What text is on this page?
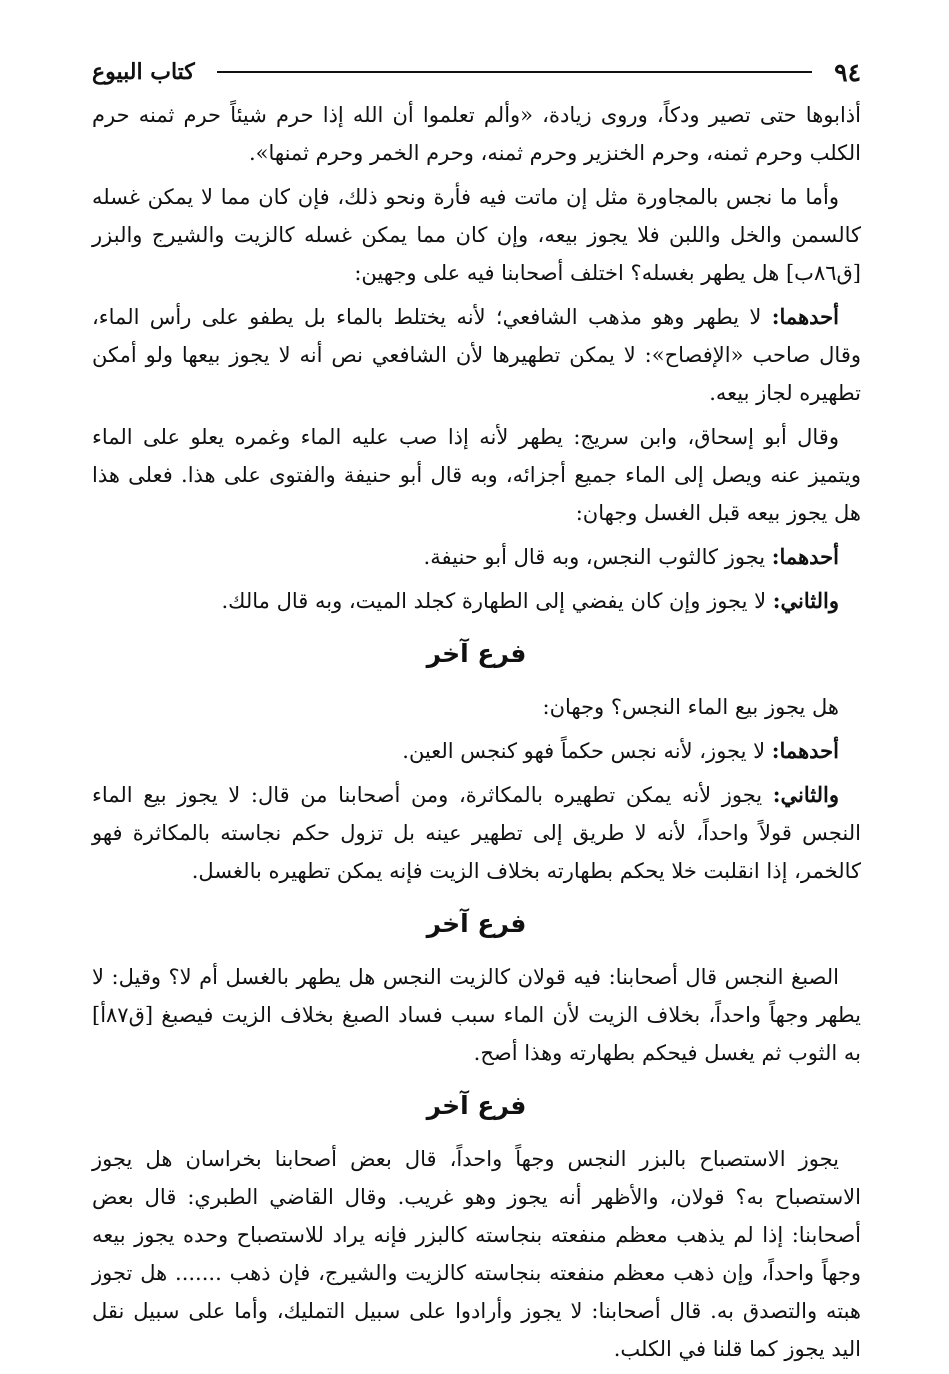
٩٤
كتاب البيوع

أذابوها حتى تصير ودكاً، وروى زيادة، «وألم تعلموا أن الله إذا حرم شيئاً حرم ثمنه حرم الكلب وحرم ثمنه، وحرم الخنزير وحرم ثمنه، وحرم الخمر وحرم ثمنها».

وأما ما نجس بالمجاورة مثل إن ماتت فيه فأرة ونحو ذلك، فإن كان مما لا يمكن غسله كالسمن والخل واللبن فلا يجوز بيعه، وإن كان مما يمكن غسله كالزيت والشيرج والبزر [ق٨٦ب] هل يطهر بغسله؟ اختلف أصحابنا فيه على وجهين:

أحدهما: لا يطهر وهو مذهب الشافعي؛ لأنه يختلط بالماء بل يطفو على رأس الماء، وقال صاحب «الإفصاح»: لا يمكن تطهيرها لأن الشافعي نص أنه لا يجوز بيعها ولو أمكن تطهيره لجاز بيعه.

وقال أبو إسحاق، وابن سريج: يطهر لأنه إذا صب عليه الماء وغمره يعلو على الماء ويتميز عنه ويصل إلى الماء جميع أجزائه، وبه قال أبو حنيفة والفتوى على هذا. فعلى هذا هل يجوز بيعه قبل الغسل وجهان:

أحدهما: يجوز كالثوب النجس، وبه قال أبو حنيفة.

والثاني: لا يجوز وإن كان يفضي إلى الطهارة كجلد الميت، وبه قال مالك.

فرع آخر

هل يجوز بيع الماء النجس؟ وجهان:

أحدهما: لا يجوز، لأنه نجس حكماً فهو كنجس العين.

والثاني: يجوز لأنه يمكن تطهيره بالمكاثرة، ومن أصحابنا من قال: لا يجوز بيع الماء النجس قولاً واحداً، لأنه لا طريق إلى تطهير عينه بل تزول حكم نجاسته بالمكاثرة فهو كالخمر، إذا انقلبت خلا يحكم بطهارته بخلاف الزيت فإنه يمكن تطهيره بالغسل.

فرع آخر

الصبغ النجس قال أصحابنا: فيه قولان كالزيت النجس هل يطهر بالغسل أم لا؟ وقيل: لا يطهر وجهاً واحداً، بخلاف الزيت لأن الماء سبب فساد الصبغ بخلاف الزيت فيصبغ [ق٨٧أ] به الثوب ثم يغسل فيحكم بطهارته وهذا أصح.

فرع آخر

يجوز الاستصباح بالبزر النجس وجهاً واحداً، قال بعض أصحابنا بخراسان هل يجوز الاستصباح به؟ قولان، والأظهر أنه يجوز وهو غريب. وقال القاضي الطبري: قال بعض أصحابنا: إذا لم يذهب معظم منفعته بنجاسته كالبزر فإنه يراد للاستصباح وحده يجوز بيعه وجهاً واحداً، وإن ذهب معظم منفعته بنجاسته كالزيت والشيرج، فإن ذهب ....... هل تجوز هبته والتصدق به. قال أصحابنا: لا يجوز وأرادوا على سبيل التمليك، وأما على سبيل نقل اليد يجوز كما قلنا في الكلب.
